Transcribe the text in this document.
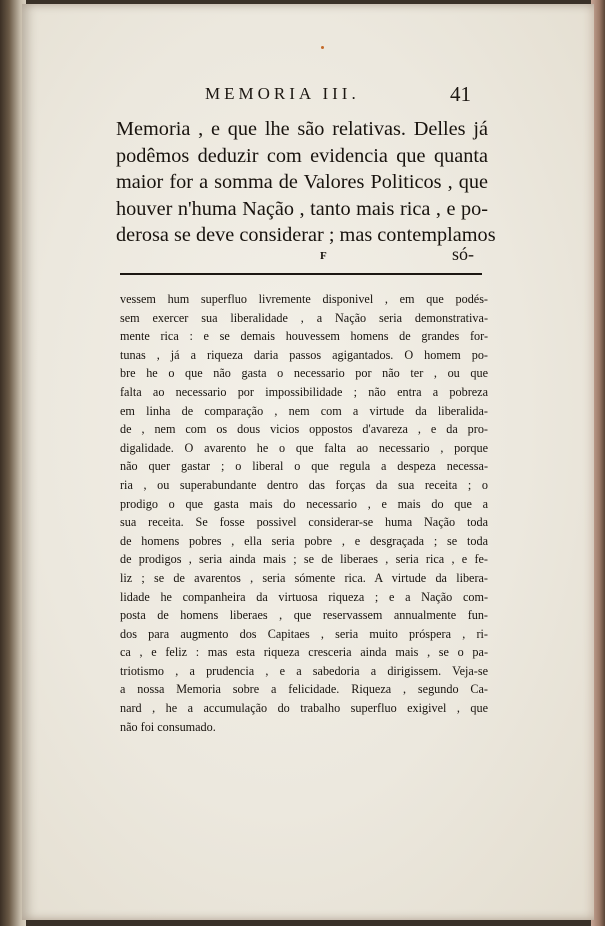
MEMORIA III.	41
Memoria , e que lhe são relativas. Delles já
podêmos deduzir com evidencia que quanta
maior for a somma de Valores Politicos , que
houver n'huma Nação , tanto mais rica , e po-
derosa se deve considerar ; mas contemplamos
F	só-
vessem hum superfluo livremente disponivel , em que podés-
sem exercer sua liberalidade , a Nação seria demonstrativa-
mente rica : e se demais houvessem homens de grandes for-
tunas , já a riqueza daria passos agigantados. O homem po-
bre he o que não gasta o necessario por não ter , ou que
falta ao necessario por impossibilidade ; não entra a pobreza
em linha de comparação , nem com a virtude da liberalida-
de , nem com os dous vicios oppostos d'avareza , e da pro-
digalidade. O avarento he o que falta ao necessario , porque
não quer gastar ; o liberal o que regula a despeza necessa-
ria , ou superabundante dentro das forças da sua receita ; o
prodigo o que gasta mais do necessario , e mais do que a
sua receita. Se fosse possivel considerar-se huma Nação toda
de homens pobres , ella seria pobre , e desgraçada ; se toda
de prodigos , seria ainda mais ; se de liberaes , seria rica , e fe-
liz ; se de avarentos , seria sómente rica. A virtude da libera-
lidade he companheira da virtuosa riqueza ; e a Nação com-
posta de homens liberaes , que reservassem annualmente fun-
dos para augmento dos Capitaes , seria muito próspera , ri-
ca , e feliz : mas esta riqueza cresceria ainda mais , se o pa-
triotismo , a prudencia , e a sabedoria a dirigissem. Veja-se
a nossa Memoria sobre a felicidade. Riqueza , segundo Ca-
nard , he a accumulação do trabalho superfluo exigivel , que
não foi consumado.
